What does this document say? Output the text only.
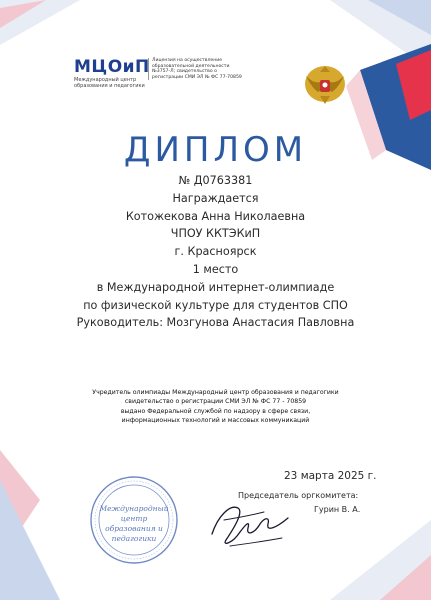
МЦОиП
Международный центр образования и педагогики
Лицензия на осуществление образовательной деятельности №3757-Л; свидетельство о регистрации СМИ ЭЛ № ФС 77-70859
ДИПЛОМ
№ Д0763381
Награждается
Котожекова Анна Николаевна
ЧПОУ ККТЭКиП
г. Красноярск
1 место
в Международной интернет-олимпиаде
по физической культуре для студентов СПО
Руководитель: Мозгунова Анастасия Павловна
Учредитель олимпиады Международный центр образования и педагогики
свидетельство о регистрации СМИ ЭЛ № ФС 77 - 70859
выдано Федеральной службой по надзору в сфере связи,
информационных технологий и массовых коммуникаций
Международный
центр
образования и
педагогики
23 марта 2025 г.
Председатель оргкомитета:
Гурин В. А.
